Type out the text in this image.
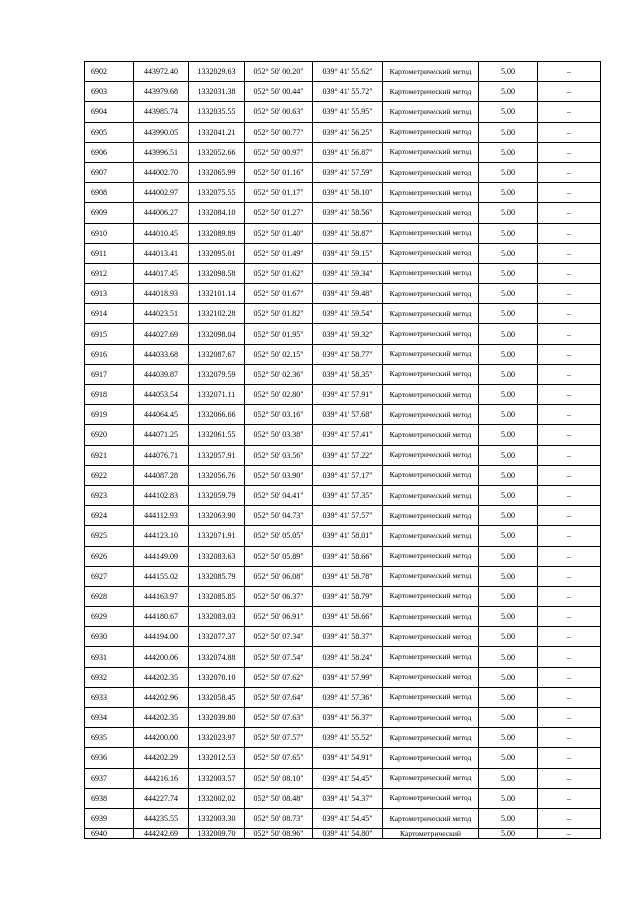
6902	443972.40	1332029.63	052° 50' 00.20"	039° 41' 55.62"	Картометрический метод	5.00	–
6903	443979.68	1332031.38	052° 50' 00.44"	039° 41' 55.72"	Картометрический метод	5.00	–
6904	443985.74	1332035.55	052° 50' 00.63"	039° 41' 55.95"	Картометрический метод	5.00	–
6905	443990.05	1332041.21	052° 50' 00.77"	039° 41' 56.25"	Картометрический метод	5.00	–
6906	443996.51	1332052.66	052° 50' 00.97"	039° 41' 56.87"	Картометрический метод	5.00	–
6907	444002.70	1332065.99	052° 50' 01.16"	039° 41' 57.59"	Картометрический метод	5.00	–
6908	444002.97	1332075.55	052° 50' 01.17"	039° 41' 58.10"	Картометрический метод	5.00	–
6909	444006.27	1332084.10	052° 50' 01.27"	039° 41' 58.56"	Картометрический метод	5.00	–
6910	444010.45	1332089.89	052° 50' 01.40"	039° 41' 58.87"	Картометрический метод	5.00	–
6911	444013.41	1332095.01	052° 50' 01.49"	039° 41' 59.15"	Картометрический метод	5.00	–
6912	444017.45	1332098.58	052° 50' 01.62"	039° 41' 59.34"	Картометрический метод	5.00	–
6913	444018.93	1332101.14	052° 50' 01.67"	039° 41' 59.48"	Картометрический метод	5.00	–
6914	444023.51	1332102.28	052° 50' 01.82"	039° 41' 59.54"	Картометрический метод	5.00	–
6915	444027.69	1332098.04	052° 50' 01.95"	039° 41' 59.32"	Картометрический метод	5.00	–
6916	444033.68	1332087.67	052° 50' 02.15"	039° 41' 58.77"	Картометрический метод	5.00	–
6917	444039.87	1332079.59	052° 50' 02.36"	039° 41' 58.35"	Картометрический метод	5.00	–
6918	444053.54	1332071.11	052° 50' 02.80"	039° 41' 57.91"	Картометрический метод	5.00	–
6919	444064.45	1332066.66	052° 50' 03.16"	039° 41' 57.68"	Картометрический метод	5.00	–
6920	444071.25	1332061.55	052° 50' 03.38"	039° 41' 57.41"	Картометрический метод	5.00	–
6921	444076.71	1332057.91	052° 50' 03.56"	039° 41' 57.22"	Картометрический метод	5.00	–
6922	444087.28	1332056.76	052° 50' 03.90"	039° 41' 57.17"	Картометрический метод	5.00	–
6923	444102.83	1332059.79	052° 50' 04.41"	039° 41' 57.35"	Картометрический метод	5.00	–
6924	444112.93	1332063.90	052° 50' 04.73"	039° 41' 57.57"	Картометрический метод	5.00	–
6925	444123.10	1332071.91	052° 50' 05.05"	039° 41' 58.01"	Картометрический метод	5.00	–
6926	444149.09	1332083.63	052° 50' 05.89"	039° 41' 58.66"	Картометрический метод	5.00	–
6927	444155.02	1332085.79	052° 50' 06.08"	039° 41' 58.78"	Картометрический метод	5.00	–
6928	444163.97	1332085.85	052° 50' 06.37"	039° 41' 58.79"	Картометрический метод	5.00	–
6929	444180.67	1332083.03	052° 50' 06.91"	039° 41' 58.66"	Картометрический метод	5.00	–
6930	444194.00	1332077.37	052° 50' 07.34"	039° 41' 58.37"	Картометрический метод	5.00	–
6931	444200.06	1332074.88	052° 50' 07.54"	039° 41' 58.24"	Картометрический метод	5.00	–
6932	444202.35	1332070.10	052° 50' 07.62"	039° 41' 57.99"	Картометрический метод	5.00	–
6933	444202.96	1332058.45	052° 50' 07.64"	039° 41' 57.36"	Картометрический метод	5.00	–
6934	444202.35	1332039.80	052° 50' 07.63"	039° 41' 56.37"	Картометрический метод	5.00	–
6935	444200.00	1332023.97	052° 50' 07.57"	039° 41' 55.52"	Картометрический метод	5.00	–
6936	444202.29	1332012.53	052° 50' 07.65"	039° 41' 54.91"	Картометрический метод	5.00	–
6937	444216.16	1332003.57	052° 50' 08.10"	039° 41' 54.45"	Картометрический метод	5.00	–
6938	444227.74	1332002.02	052° 50' 08.48"	039° 41' 54.37"	Картометрический метод	5.00	–
6939	444235.55	1332003.30	052° 50' 08.73"	039° 41' 54.45"	Картометрический метод	5.00	–
6940	444242.69	1332009.70	052° 50' 08.96"	039° 41' 54.80"	Картометрический	5.00	–
